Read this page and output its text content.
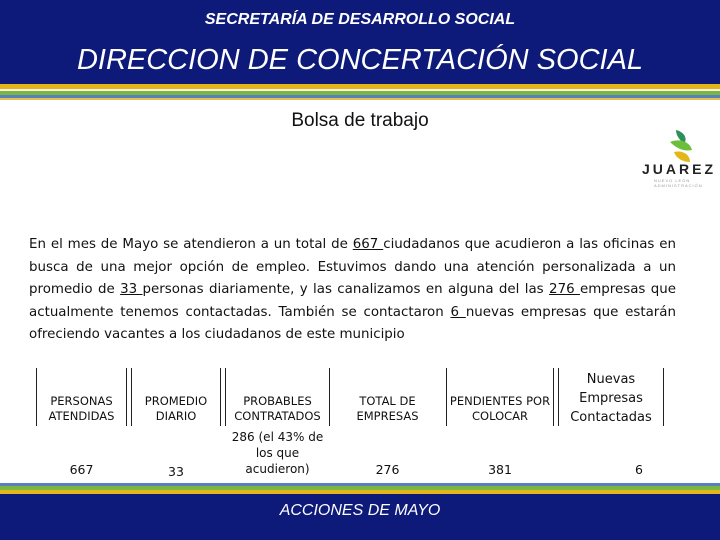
SECRETARÍA DE DESARROLLO SOCIAL
DIRECCION DE CONCERTACIÓN SOCIAL
Bolsa de trabajo
JUAREZ
NUEVO LEÓN
ADMINISTRACIÓN
En el mes de Mayo se atendieron a un total de 667 ciudadanos que acudieron a las oficinas en busca de una mejor opción de empleo. Estuvimos dando una atención personalizada a un promedio de 33 personas diariamente, y las canalizamos en alguna del las 276 empresas que actualmente tenemos contactadas. También se contactaron 6 nuevas empresas que estarán ofreciendo vacantes a los ciudadanos de este municipio
PERSONAS ATENDIDAS
667
PROMEDIO DIARIO
33
PROBABLES CONTRATADOS
286 (el 43% de los que acudieron)
TOTAL DE EMPRESAS
276
PENDIENTES POR COLOCAR
381
Nuevas Empresas Contactadas
6
ACCIONES DE MAYO
